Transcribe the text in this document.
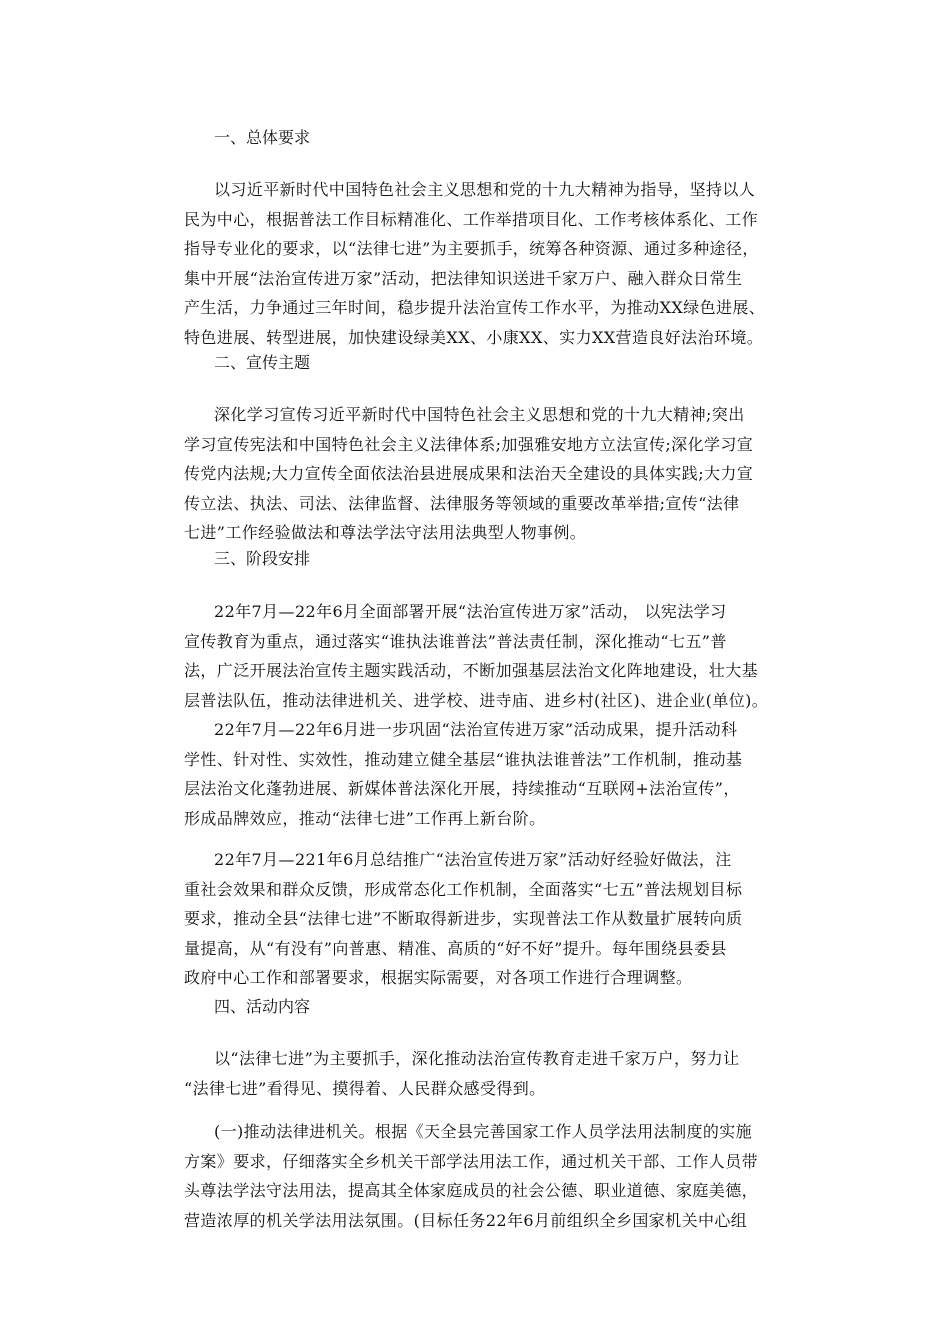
一、总体要求
以习近平新时代中国特色社会主义思想和党的十九大精神为指导，坚持以人
民为中心，根据普法工作目标精准化、工作举措项目化、工作考核体系化、工作
指导专业化的要求，以“法律七进”为主要抓手，统筹各种资源、通过多种途径，
集中开展“法治宣传进万家”活动，把法律知识送进千家万户、融入群众日常生
产生活，力争通过三年时间，稳步提升法治宣传工作水平，为推动XX绿色进展、
特色进展、转型进展，加快建设绿美XX、小康XX、实力XX营造良好法治环境。
二、宣传主题
深化学习宣传习近平新时代中国特色社会主义思想和党的十九大精神;突出
学习宣传宪法和中国特色社会主义法律体系;加强雅安地方立法宣传;深化学习宣
传党内法规;大力宣传全面依法治县进展成果和法治天全建设的具体实践;大力宣
传立法、执法、司法、法律监督、法律服务等领域的重要改革举措;宣传“法律
七进”工作经验做法和尊法学法守法用法典型人物事例。
三、阶段安排
22年7月—22年6月全面部署开展“法治宣传进万家”活动， 以宪法学习
宣传教育为重点，通过落实“谁执法谁普法”普法责任制，深化推动“七五”普
法，广泛开展法治宣传主题实践活动，不断加强基层法治文化阵地建设，壮大基
层普法队伍，推动法律进机关、进学校、进寺庙、进乡村(社区)、进企业(单位)。
22年7月—22年6月进一步巩固“法治宣传进万家”活动成果，提升活动科
学性、针对性、实效性，推动建立健全基层“谁执法谁普法”工作机制，推动基
层法治文化蓬勃进展、新媒体普法深化开展，持续推动“互联网+法治宣传”，
形成品牌效应，推动“法律七进”工作再上新台阶。
22年7月—221年6月总结推广“法治宣传进万家”活动好经验好做法，注
重社会效果和群众反馈，形成常态化工作机制，全面落实“七五”普法规划目标
要求，推动全县“法律七进”不断取得新进步，实现普法工作从数量扩展转向质
量提高，从“有没有”向普惠、精准、高质的“好不好”提升。每年围绕县委县
政府中心工作和部署要求，根据实际需要，对各项工作进行合理调整。
四、活动内容
以“法律七进”为主要抓手，深化推动法治宣传教育走进千家万户，努力让
“法律七进”看得见、摸得着、人民群众感受得到。
(一)推动法律进机关。根据《天全县完善国家工作人员学法用法制度的实施
方案》要求，仔细落实全乡机关干部学法用法工作，通过机关干部、工作人员带
头尊法学法守法用法，提高其全体家庭成员的社会公德、职业道德、家庭美德，
营造浓厚的机关学法用法氛围。(目标任务22年6月前组织全乡国家机关中心组
